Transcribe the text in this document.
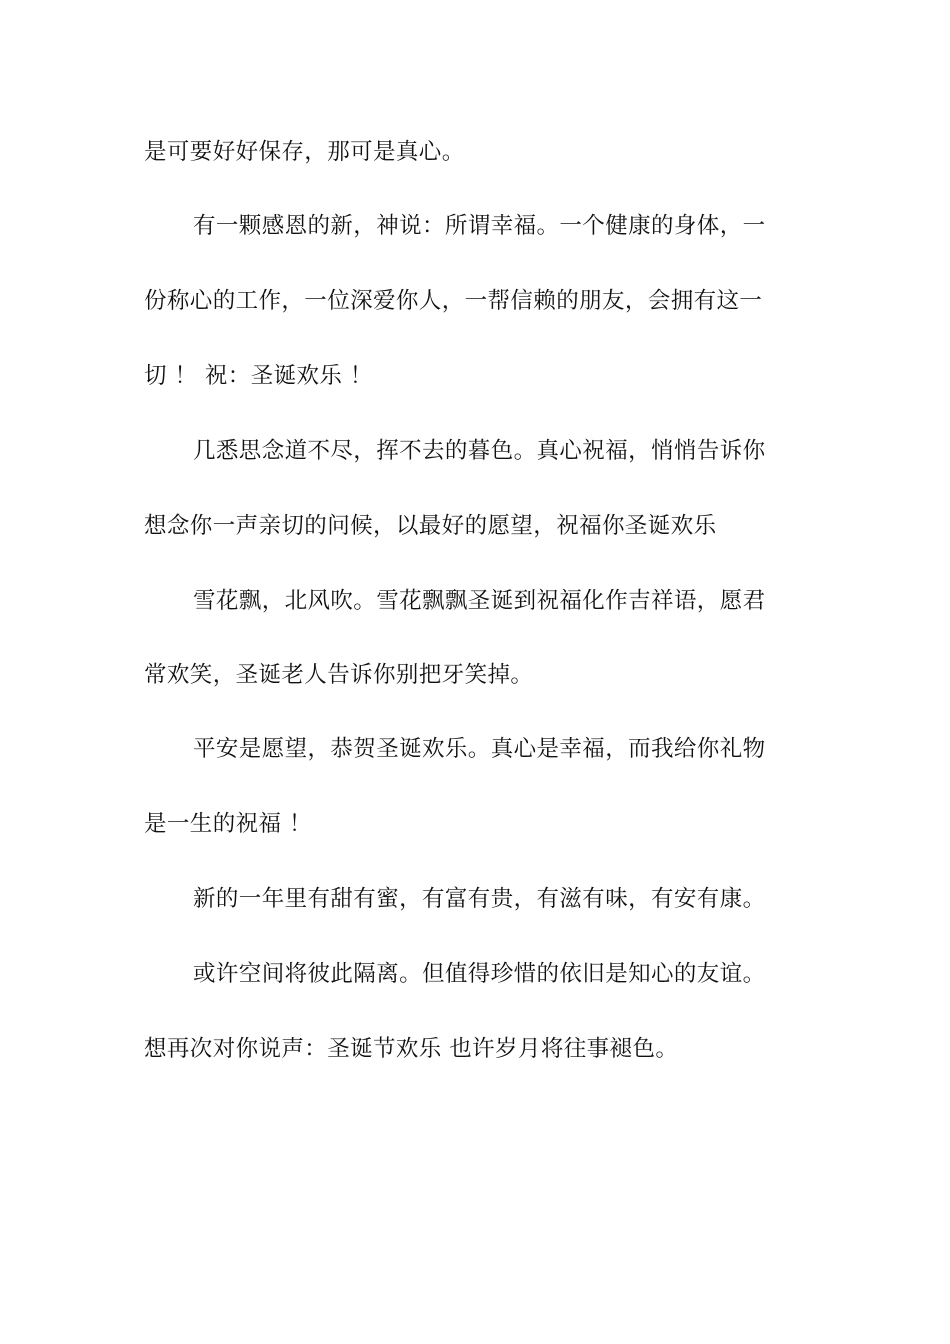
是可要好好保存，那可是真心。
有一颗感恩的新，神说：所谓幸福。一个健康的身体，一
份称心的工作，一位深爱你人，一帮信赖的朋友，会拥有这一
切 ！ 祝：圣诞欢乐 ！
几悉思念道不尽，挥不去的暮色。真心祝福，悄悄告诉你
想念你一声亲切的问候，以最好的愿望，祝福你圣诞欢乐
雪花飘，北风吹。雪花飘飘圣诞到祝福化作吉祥语，愿君
常欢笑，圣诞老人告诉你别把牙笑掉。
平安是愿望，恭贺圣诞欢乐。真心是幸福，而我给你礼物
是一生的祝福 ！
新的一年里有甜有蜜，有富有贵，有滋有味，有安有康。
或许空间将彼此隔离。但值得珍惜的依旧是知心的友谊。
想再次对你说声：圣诞节欢乐 也许岁月将往事褪色。
